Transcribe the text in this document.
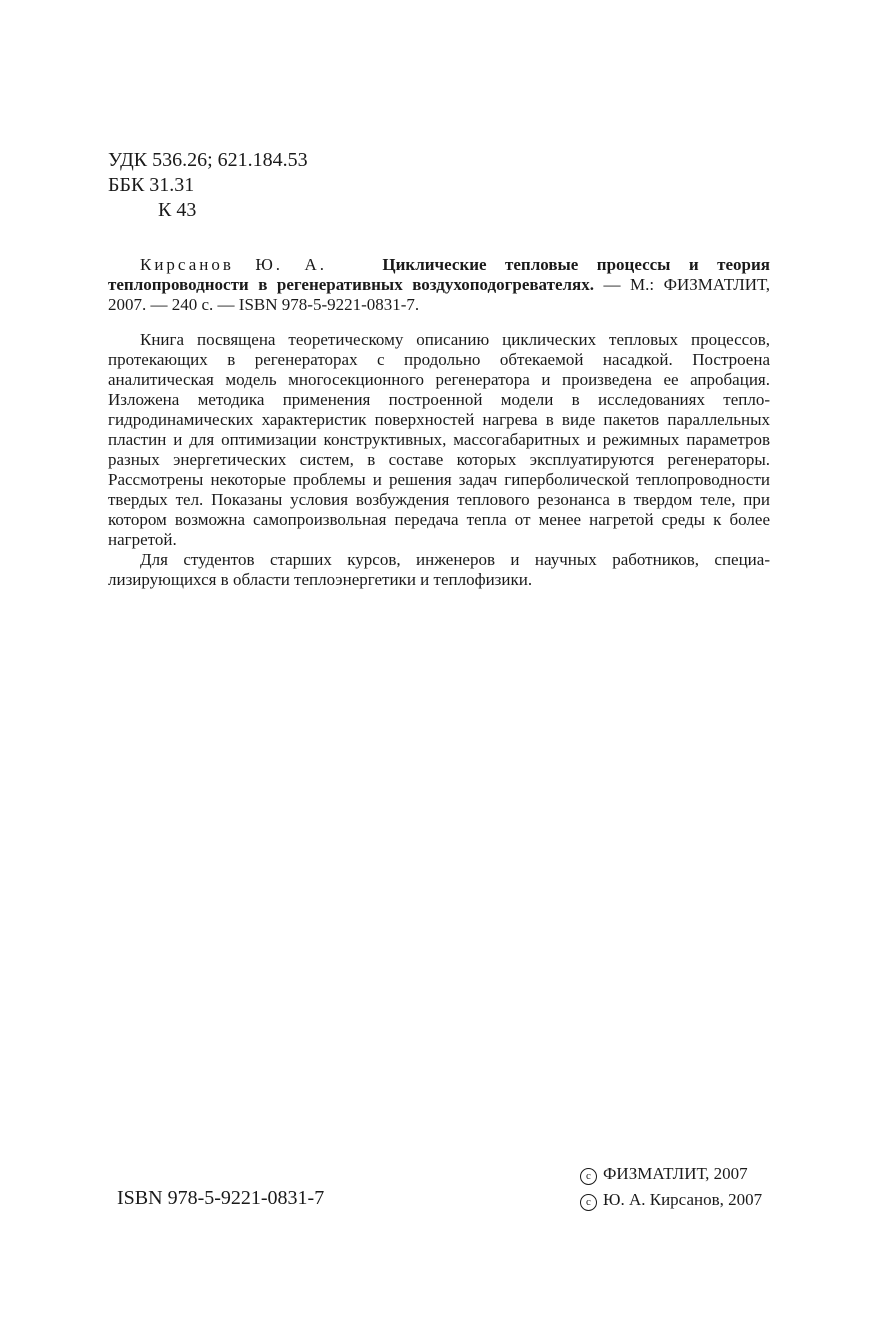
УДК 536.26; 621.184.53
ББК 31.31
К 43
Кирсанов Ю. А.	Циклические тепловые процессы и теория теплопроводности в регенеративных воздухоподогревателях. — М.: ФИЗМАТЛИТ, 2007. — 240 с. — ISBN 978-5-9221-0831-7.

Книга посвящена теоретическому описанию циклических тепловых процессов, протекающих в регенераторах с продольно обтекаемой насадкой. Построена аналитическая модель многосекционного регенератора и произведена ее апробация. Изложена методика применения построенной модели в исследованиях тепло-гидродинамических характеристик поверхностей нагрева в виде пакетов параллельных пластин и для оптимизации конструктивных, массогабаритных и режимных параметров разных энергетических систем, в составе которых эксплуатируются регенераторы. Рассмотрены некоторые проблемы и решения задач гиперболической теплопроводности твердых тел. Показаны условия возбуждения теплового резонанса в твердом теле, при котором возможна самопроизвольная передача тепла от менее нагретой среды к более нагретой.

Для студентов старших курсов, инженеров и научных работников, специализирующихся в области теплоэнергетики и теплофизики.

ISBN 978-5-9221-0831-7
c ФИЗМАТЛИТ, 2007
c Ю. А. Кирсанов, 2007
